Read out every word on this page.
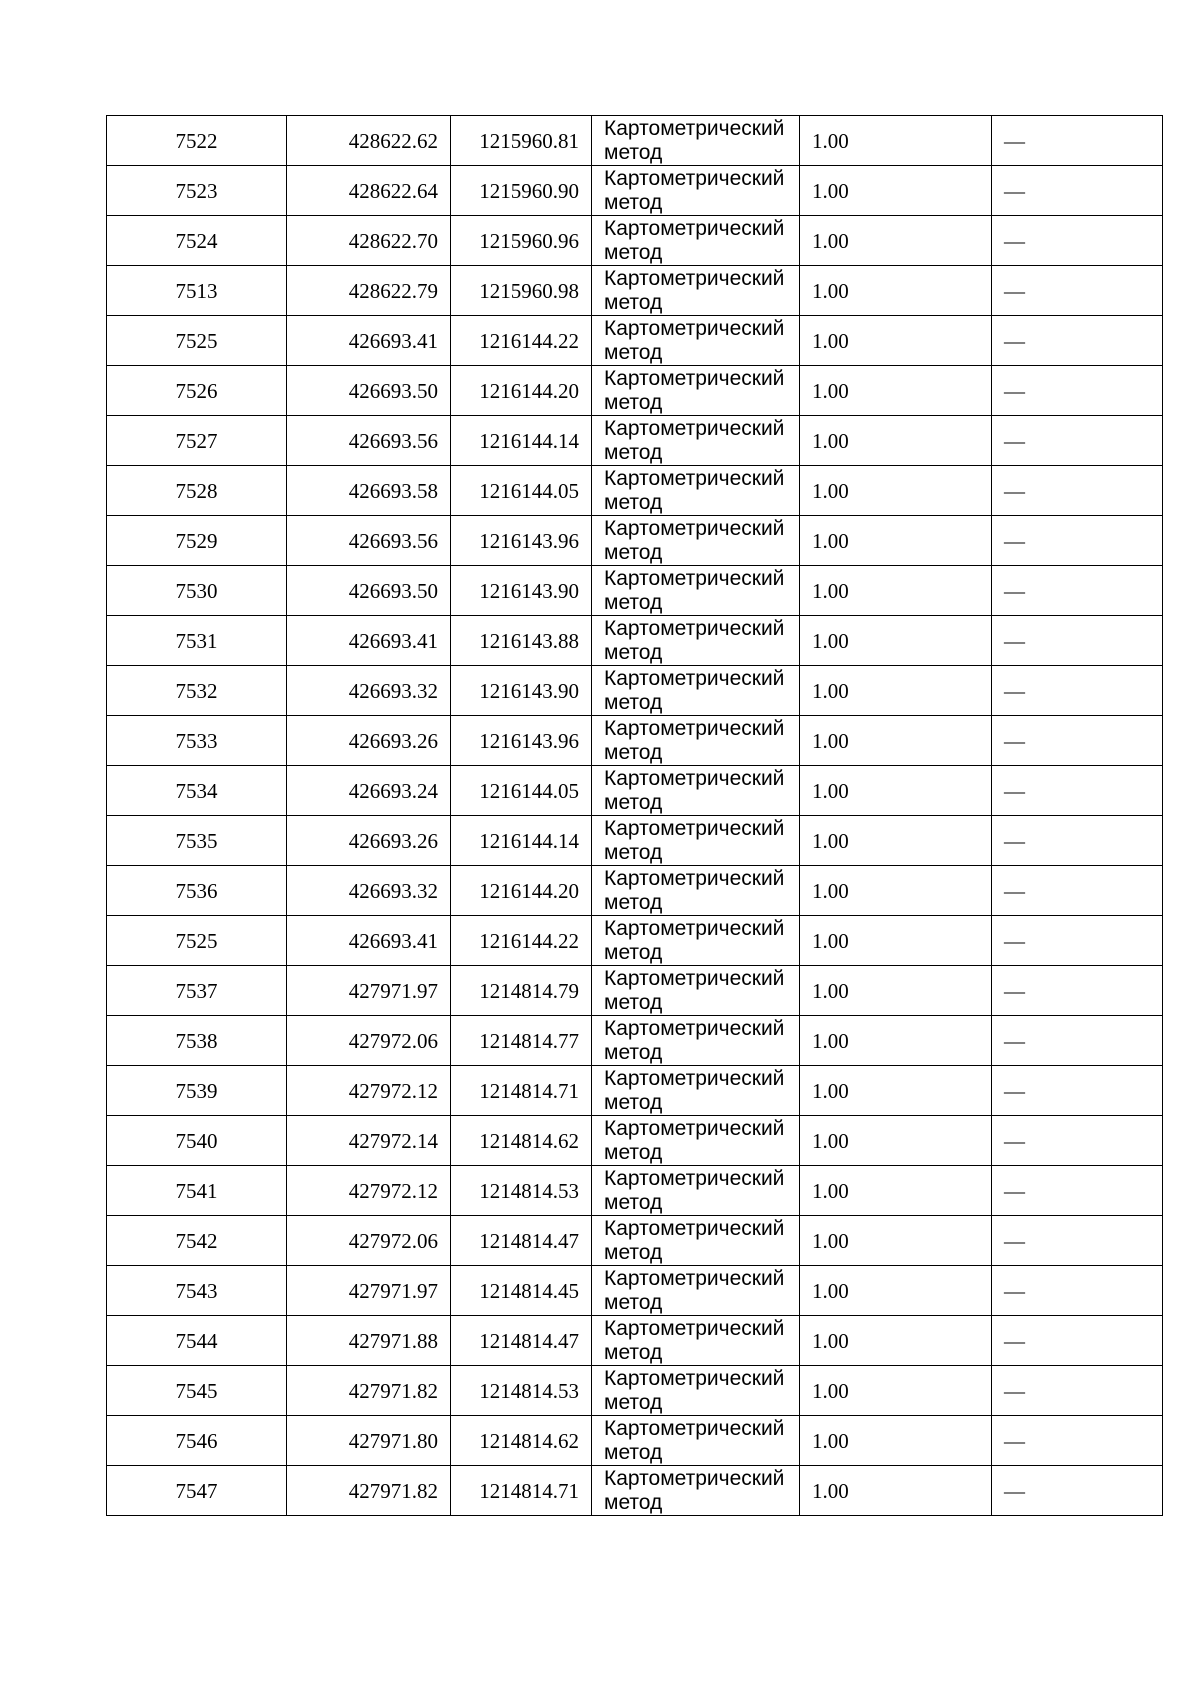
7522	428622.62	1215960.81	Картометрический
метод	1.00	—
7523	428622.64	1215960.90	Картометрический
метод	1.00	—
7524	428622.70	1215960.96	Картометрический
метод	1.00	—
7513	428622.79	1215960.98	Картометрический
метод	1.00	—
7525	426693.41	1216144.22	Картометрический
метод	1.00	—
7526	426693.50	1216144.20	Картометрический
метод	1.00	—
7527	426693.56	1216144.14	Картометрический
метод	1.00	—
7528	426693.58	1216144.05	Картометрический
метод	1.00	—
7529	426693.56	1216143.96	Картометрический
метод	1.00	—
7530	426693.50	1216143.90	Картометрический
метод	1.00	—
7531	426693.41	1216143.88	Картометрический
метод	1.00	—
7532	426693.32	1216143.90	Картометрический
метод	1.00	—
7533	426693.26	1216143.96	Картометрический
метод	1.00	—
7534	426693.24	1216144.05	Картометрический
метод	1.00	—
7535	426693.26	1216144.14	Картометрический
метод	1.00	—
7536	426693.32	1216144.20	Картометрический
метод	1.00	—
7525	426693.41	1216144.22	Картометрический
метод	1.00	—
7537	427971.97	1214814.79	Картометрический
метод	1.00	—
7538	427972.06	1214814.77	Картометрический
метод	1.00	—
7539	427972.12	1214814.71	Картометрический
метод	1.00	—
7540	427972.14	1214814.62	Картометрический
метод	1.00	—
7541	427972.12	1214814.53	Картометрический
метод	1.00	—
7542	427972.06	1214814.47	Картометрический
метод	1.00	—
7543	427971.97	1214814.45	Картометрический
метод	1.00	—
7544	427971.88	1214814.47	Картометрический
метод	1.00	—
7545	427971.82	1214814.53	Картометрический
метод	1.00	—
7546	427971.80	1214814.62	Картометрический
метод	1.00	—
7547	427971.82	1214814.71	Картометрический
метод	1.00	—
